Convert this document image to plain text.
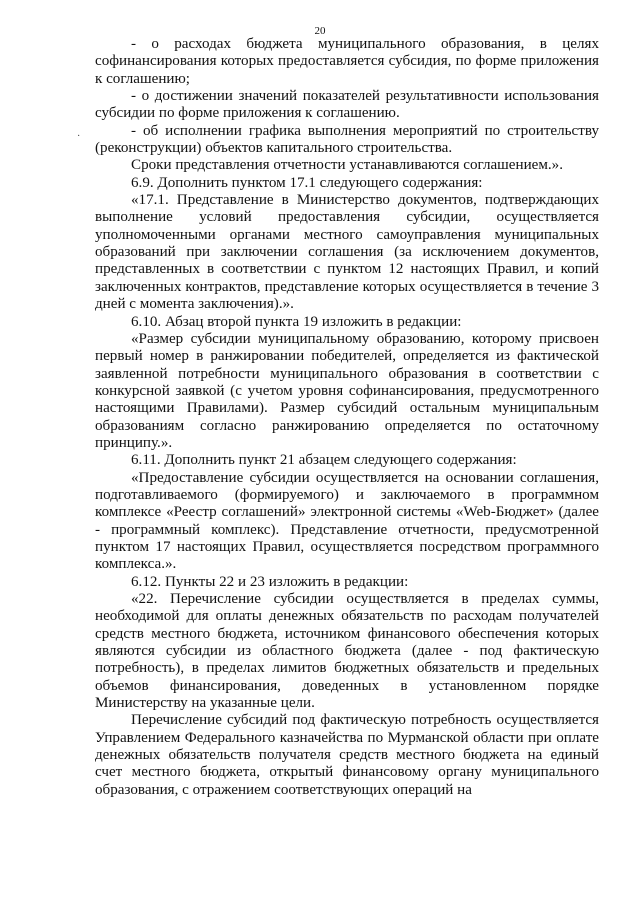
20
·

- о расходах бюджета муниципального образования, в целях софинансирования которых предоставляется субсидия, по форме приложения к соглашению;

- о достижении значений показателей результативности использования субсидии по форме приложения к соглашению.

- об исполнении графика выполнения мероприятий по строительству (реконструкции) объектов капитального строительства.

Сроки представления отчетности устанавливаются соглашением.».

6.9. Дополнить пунктом 17.1 следующего содержания:

«17.1. Представление в Министерство документов, подтверждающих выполнение условий предоставления субсидии, осуществляется уполномоченными органами местного самоуправления муниципальных образований при заключении соглашения (за исключением документов, представленных в соответствии с пунктом 12 настоящих Правил, и копий заключенных контрактов, представление которых осуществляется в течение 3 дней с момента заключения).».

6.10. Абзац второй пункта 19 изложить в редакции:

«Размер субсидии муниципальному образованию, которому присвоен первый номер в ранжировании победителей, определяется из фактической заявленной потребности муниципального образования в соответствии с конкурсной заявкой (с учетом уровня софинансирования, предусмотренного настоящими Правилами). Размер субсидий остальным муниципальным образованиям согласно ранжированию определяется по остаточному принципу.».

6.11. Дополнить пункт 21 абзацем следующего содержания:

«Предоставление субсидии осуществляется на основании соглашения, подготавливаемого (формируемого) и заключаемого в программном комплексе «Реестр соглашений» электронной системы «Web-Бюджет» (далее - программный комплекс). Представление отчетности, предусмотренной пунктом 17 настоящих Правил, осуществляется посредством программного комплекса.».

6.12. Пункты 22 и 23 изложить в редакции:

«22. Перечисление субсидии осуществляется в пределах суммы, необходимой для оплаты денежных обязательств по расходам получателей средств местного бюджета, источником финансового обеспечения которых являются субсидии из областного бюджета (далее - под фактическую потребность), в пределах лимитов бюджетных обязательств и предельных объемов финансирования, доведенных в установленном порядке Министерству на указанные цели.

Перечисление субсидий под фактическую потребность осуществляется Управлением Федерального казначейства по Мурманской области при оплате денежных обязательств получателя средств местного бюджета на единый счет местного бюджета, открытый финансовому органу муниципального образования, с отражением соответствующих операций на
